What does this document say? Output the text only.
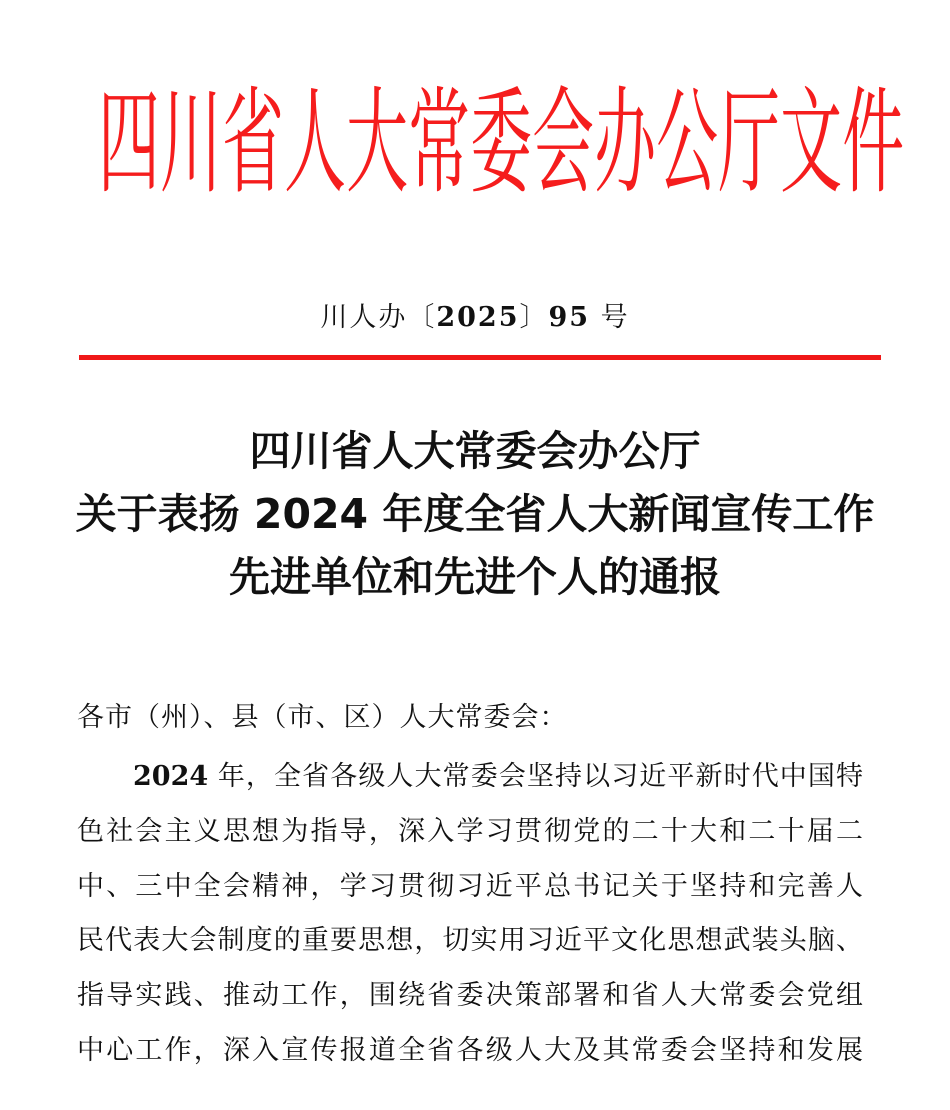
四 川 省 人 大 常 委 会 办 公 厅 文 件
川人办〔2025〕95 号
四川省人大常委会办公厅
关于表扬 2024 年度全省人大新闻宣传工作
先进单位和先进个人的通报
各市（州）、县（市、区）人大常委会：
2024 年，全省各级人大常委会坚持以习近平新时代中国特
色社会主义思想为指导，深入学习贯彻党的二十大和二十届二
中、三中全会精神，学习贯彻习近平总书记关于坚持和完善人
民代表大会制度的重要思想，切实用习近平文化思想武装头脑、
指导实践、推动工作，围绕省委决策部署和省人大常委会党组
中心工作，深入宣传报道全省各级人大及其常委会坚持和发展
